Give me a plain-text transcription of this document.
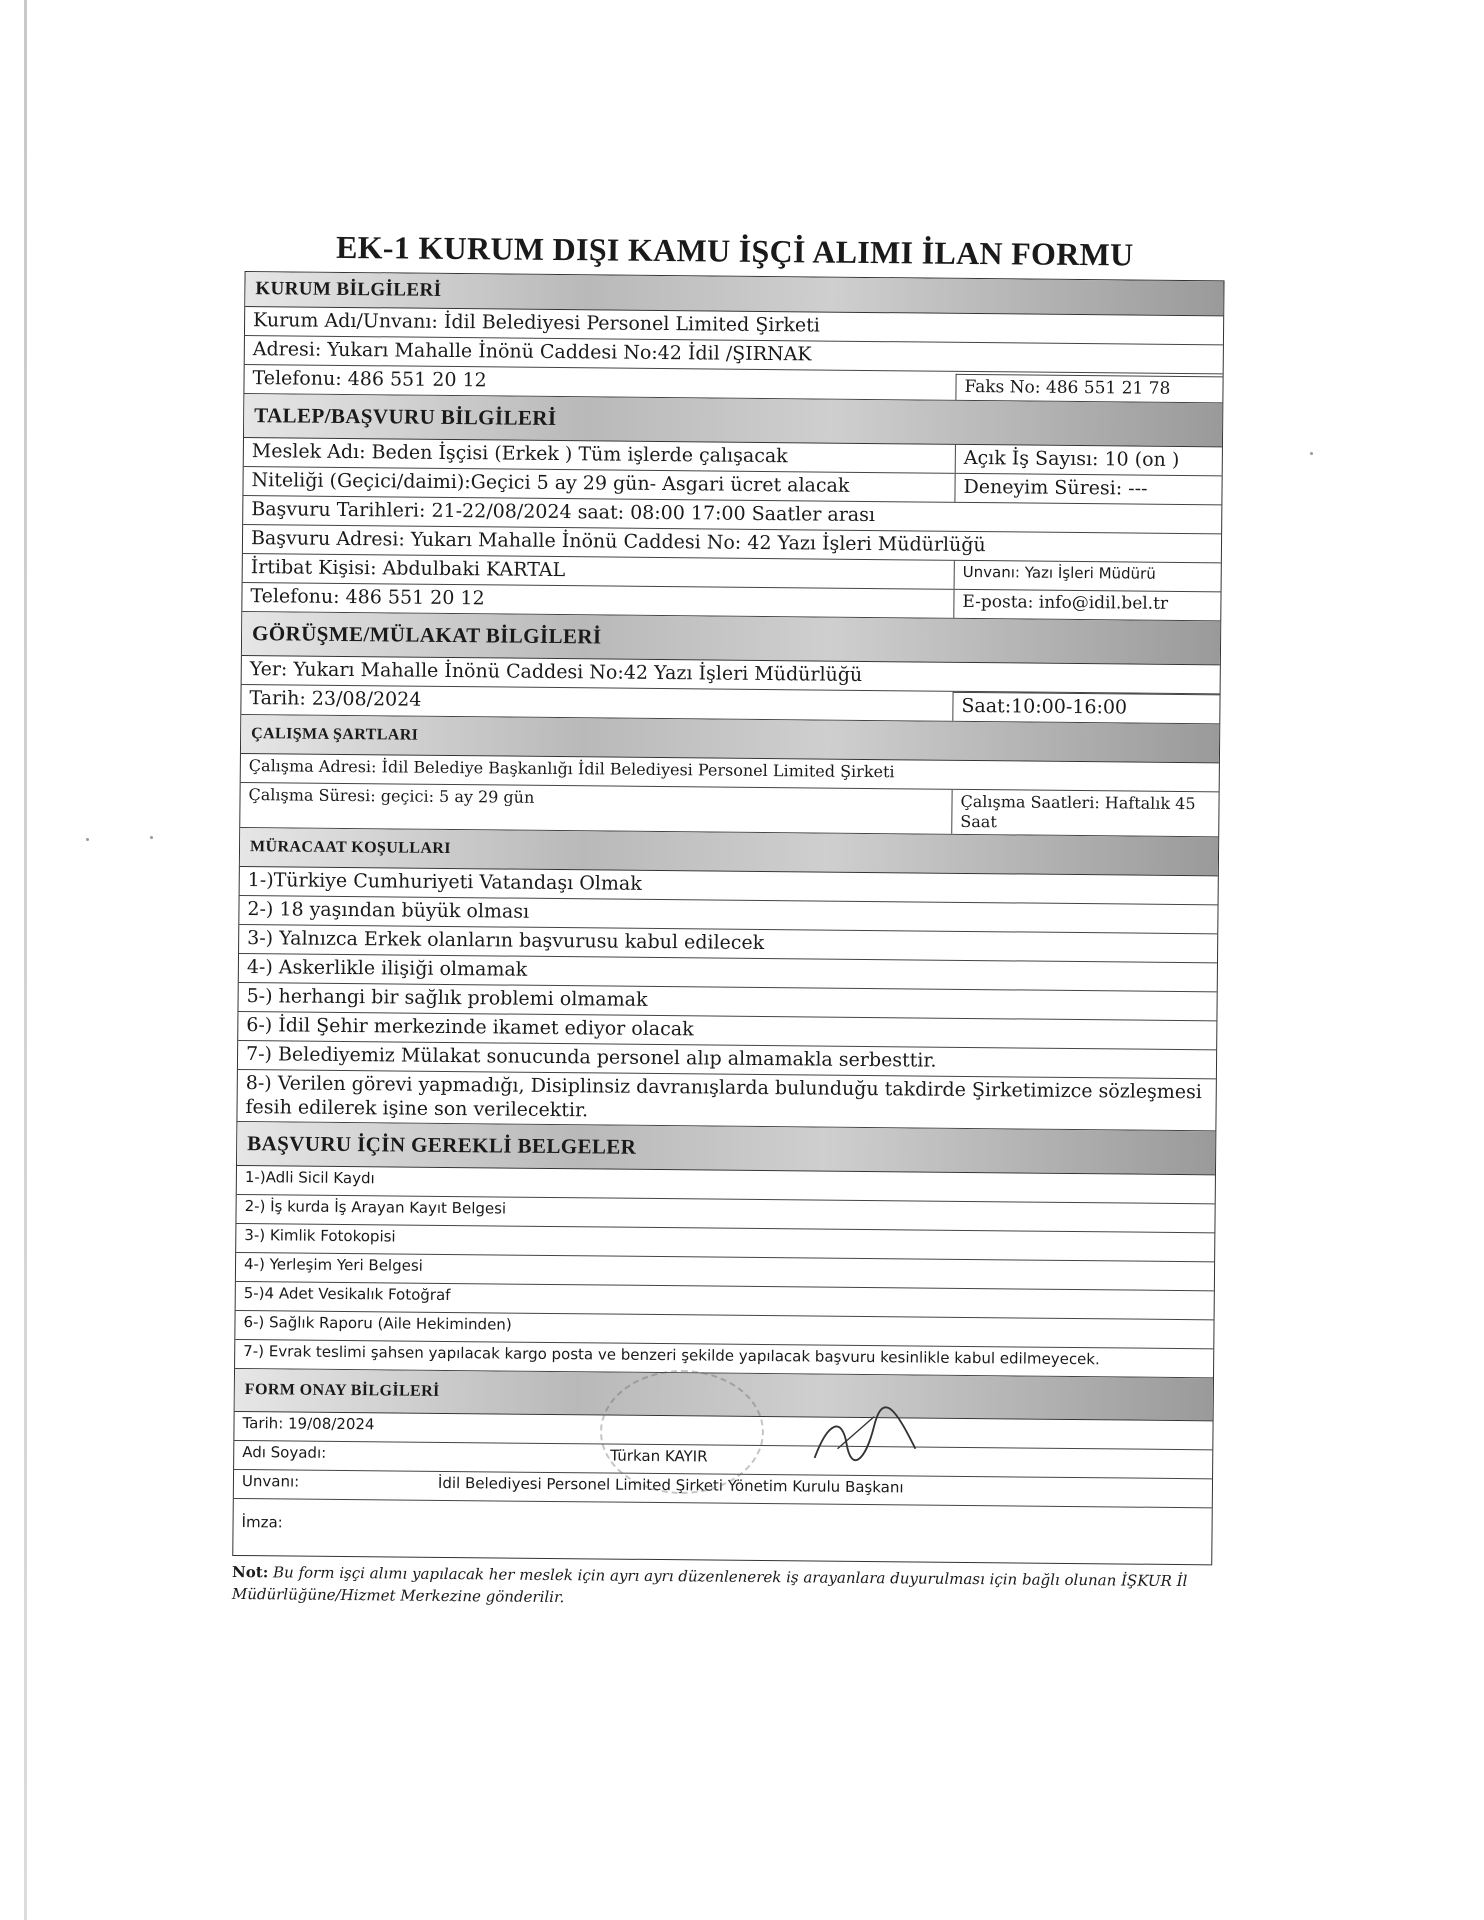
EK-1 KURUM DIŞI KAMU İŞÇİ ALIMI İLAN FORMU
KURUM BİLGİLERİ
Kurum Adı/Unvanı: İdil Belediyesi Personel Limited Şirketi
Adresi: Yukarı Mahalle İnönü Caddesi No:42 İdil /ŞIRNAK
Telefonu: 486 551 20 12	Faks No: 486 551 21 78
TALEP/BAŞVURU BİLGİLERİ
Meslek Adı: Beden İşçisi (Erkek ) Tüm işlerde çalışacak	Açık İş Sayısı: 10 (on )
Niteliği (Geçici/daimi):Geçici 5 ay 29 gün- Asgari ücret alacak	Deneyim Süresi: ---
Başvuru Tarihleri: 21-22/08/2024 saat: 08:00 17:00 Saatler arası
Başvuru Adresi: Yukarı Mahalle İnönü Caddesi No: 42 Yazı İşleri Müdürlüğü
İrtibat Kişisi: Abdulbaki KARTAL	Unvanı: Yazı İşleri Müdürü
Telefonu: 486 551 20 12	E-posta: info@idil.bel.tr
GÖRÜŞME/MÜLAKAT BİLGİLERİ
Yer: Yukarı Mahalle İnönü Caddesi No:42 Yazı İşleri Müdürlüğü
Tarih: 23/08/2024	Saat:10:00-16:00
ÇALIŞMA ŞARTLARI
Çalışma Adresi: İdil Belediye Başkanlığı İdil Belediyesi Personel Limited Şirketi
Çalışma Süresi: geçici: 5 ay 29 gün	Çalışma Saatleri: Haftalık 45 Saat
MÜRACAAT KOŞULLARI
1-)Türkiye Cumhuriyeti Vatandaşı Olmak
2-) 18 yaşından büyük olması
3-) Yalnızca Erkek olanların başvurusu kabul edilecek
4-) Askerlikle ilişiği olmamak
5-) herhangi bir sağlık problemi olmamak
6-) İdil Şehir merkezinde ikamet ediyor olacak
7-) Belediyemiz Mülakat sonucunda personel alıp almamakla serbesttir.
8-) Verilen görevi yapmadığı, Disiplinsiz davranışlarda bulunduğu takdirde Şirketimizce sözleşmesi fesih edilerek işine son verilecektir.
BAŞVURU İÇİN GEREKLİ BELGELER
1-)Adli Sicil Kaydı
2-) İş kurda İş Arayan Kayıt Belgesi
3-) Kimlik Fotokopisi
4-) Yerleşim Yeri Belgesi
5-)4 Adet Vesikalık Fotoğraf
6-) Sağlık Raporu (Aile Hekiminden)
7-) Evrak teslimi şahsen yapılacak kargo posta ve benzeri şekilde yapılacak başvuru kesinlikle kabul edilmeyecek.
FORM ONAY BİLGİLERİ
Tarih: 19/08/2024
Adı Soyadı:	Türkan KAYIR
Unvanı:	İdil Belediyesi Personel Limited Şirketi Yönetim Kurulu Başkanı
İmza:
Not: Bu form işçi alımı yapılacak her meslek için ayrı ayrı düzenlenerek iş arayanlara duyurulması için bağlı olunan İŞKUR İl Müdürlüğüne/Hizmet Merkezine gönderilir.
